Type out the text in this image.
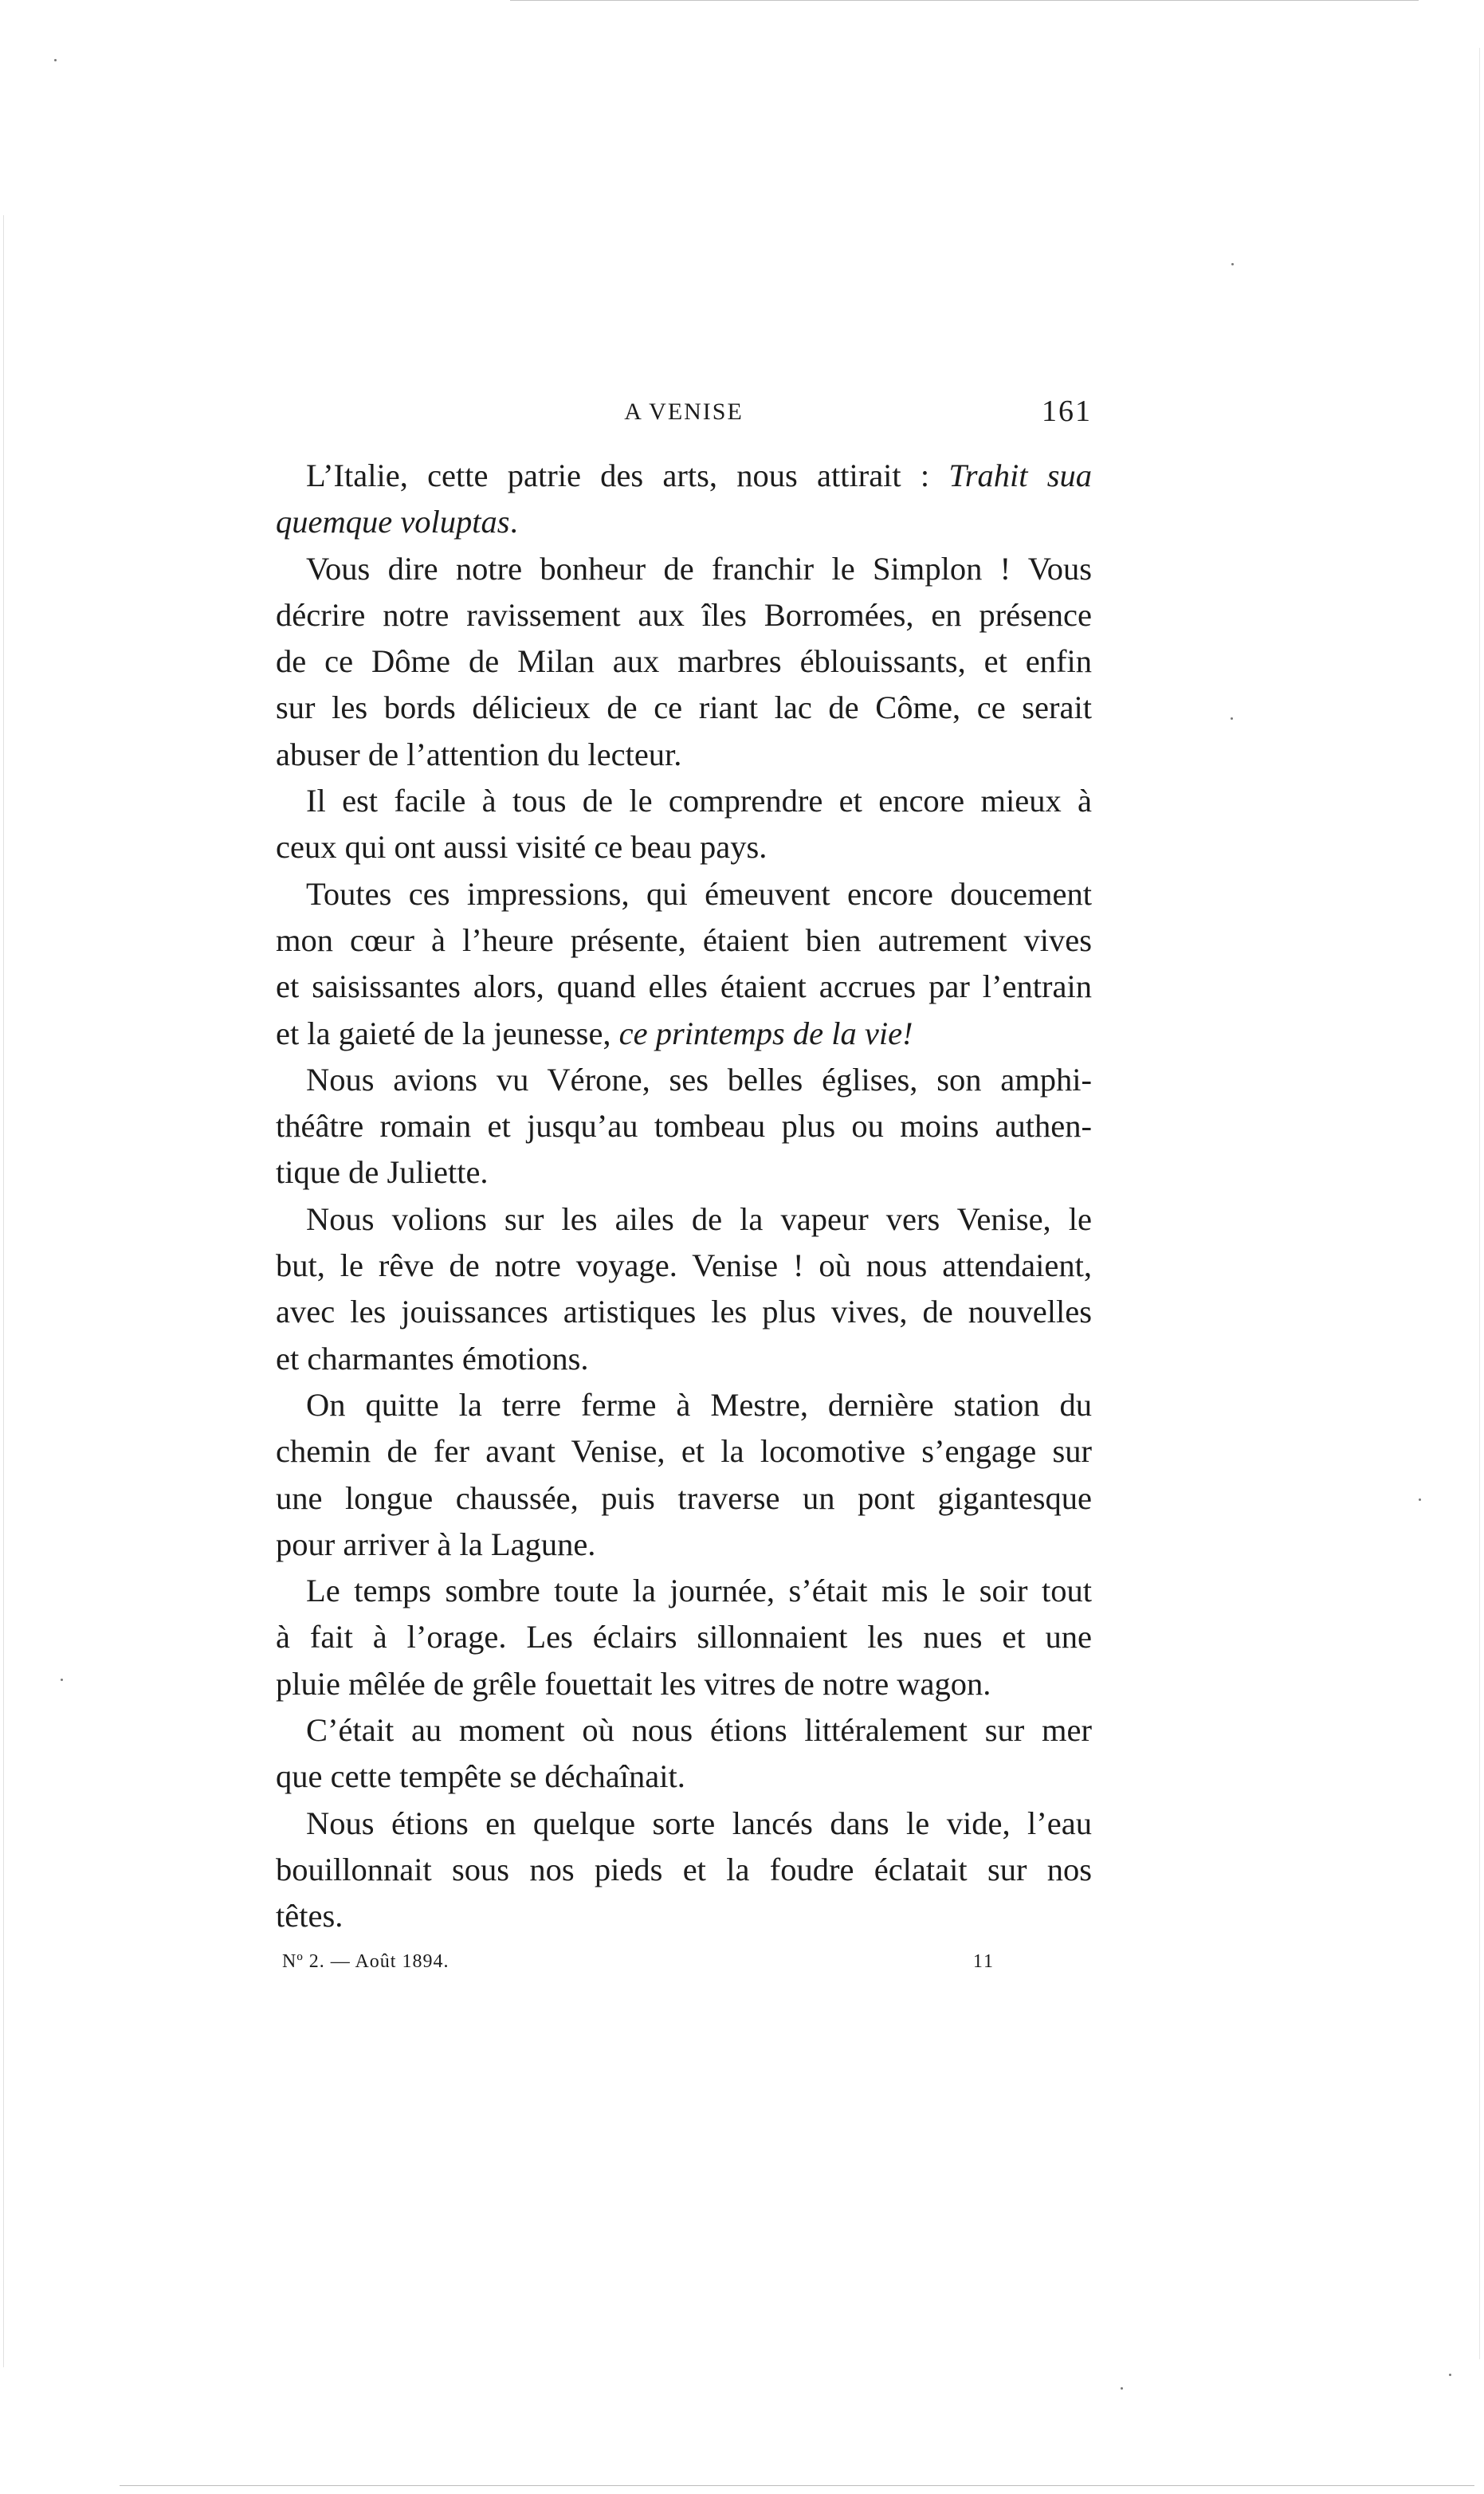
A VENISE	161
L’Italie, cette patrie des arts, nous attirait : Trahit sua
quemque voluptas.
Vous dire notre bonheur de franchir le Simplon ! Vous
décrire notre ravissement aux îles Borromées, en présence
de ce Dôme de Milan aux marbres éblouissants, et enfin
sur les bords délicieux de ce riant lac de Côme, ce serait
abuser de l’attention du lecteur.
Il est facile à tous de le comprendre et encore mieux à
ceux qui ont aussi visité ce beau pays.
Toutes ces impressions, qui émeuvent encore doucement
mon cœur à l’heure présente, étaient bien autrement vives
et saisissantes alors, quand elles étaient accrues par l’entrain
et la gaieté de la jeunesse, ce printemps de la vie!
Nous avions vu Vérone, ses belles églises, son amphi-
théâtre romain et jusqu’au tombeau plus ou moins authen-
tique de Juliette.
Nous volions sur les ailes de la vapeur vers Venise, le
but, le rêve de notre voyage. Venise ! où nous attendaient,
avec les jouissances artistiques les plus vives, de nouvelles
et charmantes émotions.
On quitte la terre ferme à Mestre, dernière station du
chemin de fer avant Venise, et la locomotive s’engage sur
une longue chaussée, puis traverse un pont gigantesque
pour arriver à la Lagune.
Le temps sombre toute la journée, s’était mis le soir tout
à fait à l’orage. Les éclairs sillonnaient les nues et une
pluie mêlée de grêle fouettait les vitres de notre wagon.
C’était au moment où nous étions littéralement sur mer
que cette tempête se déchaînait.
Nous étions en quelque sorte lancés dans le vide, l’eau
bouillonnait sous nos pieds et la foudre éclatait sur nos
têtes.
Nº 2. — Août 1894.	11
